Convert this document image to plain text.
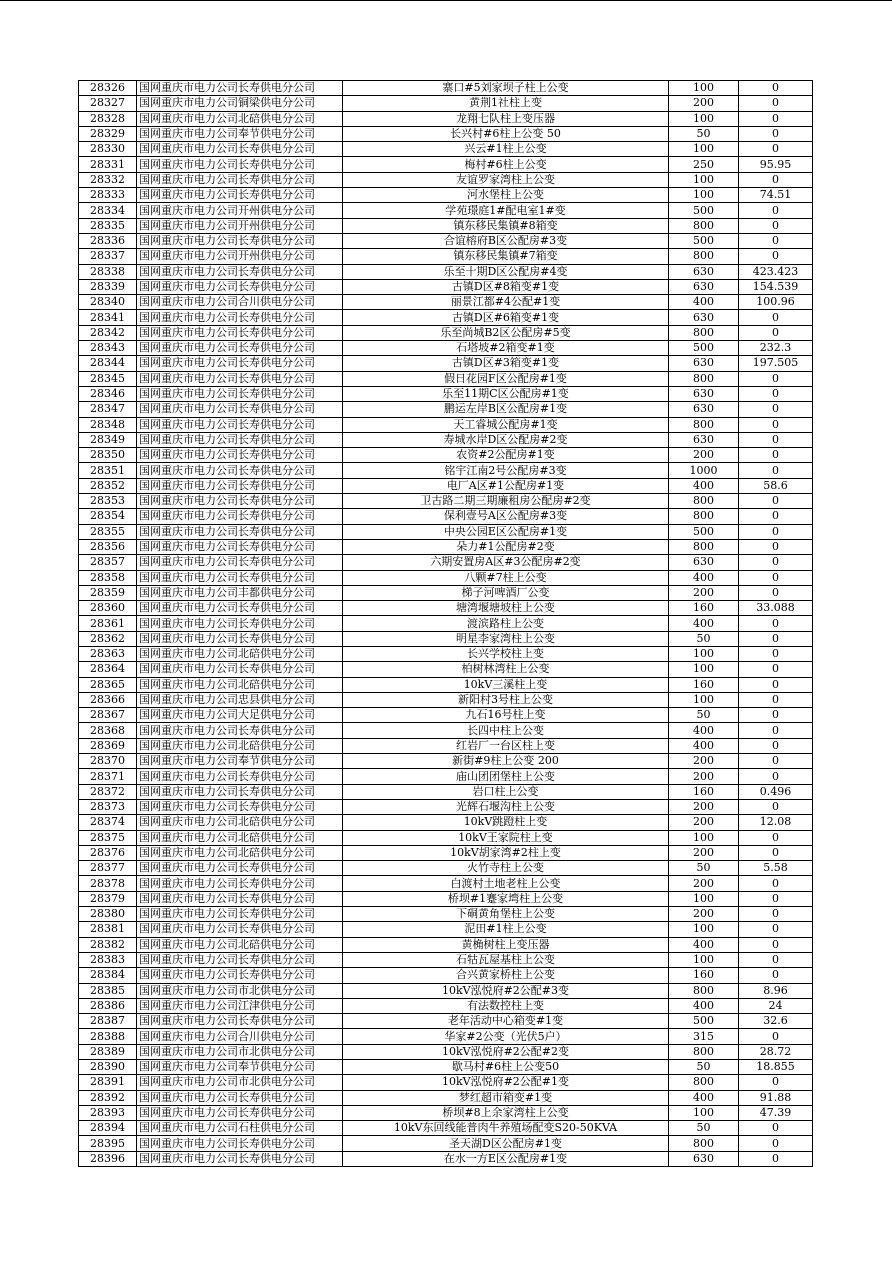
28326	国网重庆市电力公司长寿供电分公司	寨口#5刘家坝子柱上公变	100	0
28327	国网重庆市电力公司铜梁供电分公司	黄荆1社柱上变	200	0
28328	国网重庆市电力公司北碚供电分公司	龙翔七队柱上变压器	100	0
28329	国网重庆市电力公司奉节供电分公司	长兴村#6柱上公变 50	50	0
28330	国网重庆市电力公司长寿供电分公司	兴云#1柱上公变	100	0
28331	国网重庆市电力公司长寿供电分公司	梅村#6柱上公变	250	95.95
28332	国网重庆市电力公司长寿供电分公司	友谊罗家湾柱上公变	100	0
28333	国网重庆市电力公司长寿供电分公司	河水堡柱上公变	100	74.51
28334	国网重庆市电力公司开州供电分公司	学苑璟庭1#配电室1#变	500	0
28335	国网重庆市电力公司开州供电分公司	镇东移民集镇#8箱变	800	0
28336	国网重庆市电力公司长寿供电分公司	合谊榕府B区公配房#3变	500	0
28337	国网重庆市电力公司开州供电分公司	镇东移民集镇#7箱变	800	0
28338	国网重庆市电力公司长寿供电分公司	乐至十期D区公配房#4变	630	423.423
28339	国网重庆市电力公司长寿供电分公司	古镇D区#8箱变#1变	630	154.539
28340	国网重庆市电力公司合川供电分公司	丽景江都#4公配#1变	400	100.96
28341	国网重庆市电力公司长寿供电分公司	古镇D区#6箱变#1变	630	0
28342	国网重庆市电力公司长寿供电分公司	乐至尚城B2区公配房#5变	800	0
28343	国网重庆市电力公司长寿供电分公司	石塔坡#2箱变#1变	500	232.3
28344	国网重庆市电力公司长寿供电分公司	古镇D区#3箱变#1变	630	197.505
28345	国网重庆市电力公司长寿供电分公司	假日花园F区公配房#1变	800	0
28346	国网重庆市电力公司长寿供电分公司	乐至11期C区公配房#1变	630	0
28347	国网重庆市电力公司长寿供电分公司	鹏运左岸B区公配房#1变	630	0
28348	国网重庆市电力公司长寿供电分公司	天工睿城公配房#1变	800	0
28349	国网重庆市电力公司长寿供电分公司	寿城水岸D区公配房#2变	630	0
28350	国网重庆市电力公司长寿供电分公司	农资#2公配房#1变	200	0
28351	国网重庆市电力公司长寿供电分公司	铭宇江南2号公配房#3变	1000	0
28352	国网重庆市电力公司长寿供电分公司	电厂A区#1公配房#1变	400	58.6
28353	国网重庆市电力公司长寿供电分公司	卫古路二期三期廉租房公配房#2变	800	0
28354	国网重庆市电力公司长寿供电分公司	保利壹号A区公配房#3变	800	0
28355	国网重庆市电力公司长寿供电分公司	中央公园E区公配房#1变	500	0
28356	国网重庆市电力公司长寿供电分公司	朵力#1公配房#2变	800	0
28357	国网重庆市电力公司长寿供电分公司	六期安置房A区#3公配房#2变	630	0
28358	国网重庆市电力公司长寿供电分公司	八颗#7柱上公变	400	0
28359	国网重庆市电力公司丰都供电分公司	梯子河啤酒厂公变	200	0
28360	国网重庆市电力公司长寿供电分公司	塘湾堰塘坡柱上公变	160	33.088
28361	国网重庆市电力公司长寿供电分公司	渡滨路柱上公变	400	0
28362	国网重庆市电力公司长寿供电分公司	明星李家湾柱上公变	50	0
28363	国网重庆市电力公司北碚供电分公司	长兴学校柱上变	100	0
28364	国网重庆市电力公司长寿供电分公司	柏树林湾柱上公变	100	0
28365	国网重庆市电力公司北碚供电分公司	10kV三溪柱上变	160	0
28366	国网重庆市电力公司忠县供电分公司	新阳村3号柱上公变	100	0
28367	国网重庆市电力公司大足供电分公司	九石16号柱上变	50	0
28368	国网重庆市电力公司长寿供电分公司	长四中柱上公变	400	0
28369	国网重庆市电力公司北碚供电分公司	红岩厂一台区柱上变	400	0
28370	国网重庆市电力公司奉节供电分公司	新街#9柱上公变 200	200	0
28371	国网重庆市电力公司长寿供电分公司	庙山团团堡柱上公变	200	0
28372	国网重庆市电力公司长寿供电分公司	岩口柱上公变	160	0.496
28373	国网重庆市电力公司长寿供电分公司	光辉石堰沟柱上公变	200	0
28374	国网重庆市电力公司北碚供电分公司	10kV跳蹬柱上变	200	12.08
28375	国网重庆市电力公司北碚供电分公司	10kV王家院柱上变	100	0
28376	国网重庆市电力公司北碚供电分公司	10kV胡家湾#2柱上变	200	0
28377	国网重庆市电力公司长寿供电分公司	火竹寺柱上公变	50	5.58
28378	国网重庆市电力公司长寿供电分公司	白渡村土地老柱上公变	200	0
28379	国网重庆市电力公司长寿供电分公司	桥坝#1蹇家塆柱上公变	100	0
28380	国网重庆市电力公司长寿供电分公司	下硐黄角堡柱上公变	200	0
28381	国网重庆市电力公司长寿供电分公司	泥田#1柱上公变	100	0
28382	国网重庆市电力公司北碚供电分公司	黄桷树柱上变压器	400	0
28383	国网重庆市电力公司长寿供电分公司	石牯瓦屋基柱上公变	100	0
28384	国网重庆市电力公司长寿供电分公司	合兴黄家桥柱上公变	160	0
28385	国网重庆市电力公司市北供电分公司	10kV泓悦府#2公配#3变	800	8.96
28386	国网重庆市电力公司江津供电分公司	有法数控柱上变	400	24
28387	国网重庆市电力公司长寿供电分公司	老年活动中心箱变#1变	500	32.6
28388	国网重庆市电力公司合川供电分公司	华家#2公变（光伏5户）	315	0
28389	国网重庆市电力公司市北供电分公司	10kV泓悦府#2公配#2变	800	28.72
28390	国网重庆市电力公司奉节供电分公司	歇马村#6柱上公变50	50	18.855
28391	国网重庆市电力公司市北供电分公司	10kV泓悦府#2公配#1变	800	0
28392	国网重庆市电力公司长寿供电分公司	梦红超市箱变#1变	400	91.88
28393	国网重庆市电力公司长寿供电分公司	桥坝#8上余家湾柱上公变	100	47.39
28394	国网重庆市电力公司石柱供电分公司	10kV东回线能普肉牛养殖场配变S20-50KVA	50	0
28395	国网重庆市电力公司长寿供电分公司	圣天湖D区公配房#1变	800	0
28396	国网重庆市电力公司长寿供电分公司	在水一方E区公配房#1变	630	0
